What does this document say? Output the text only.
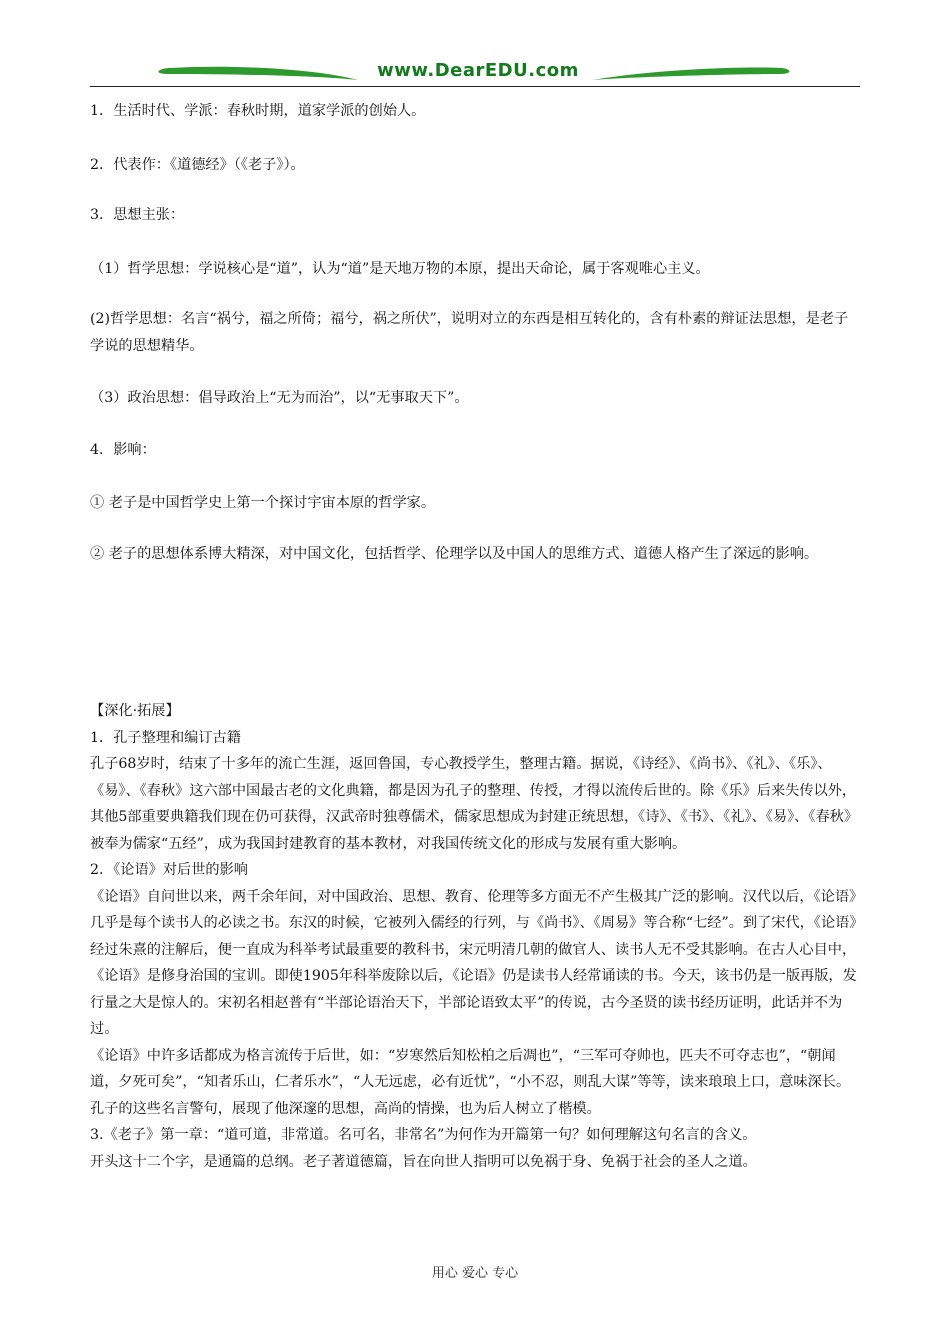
www.DearEDU.com

1．生活时代、学派：春秋时期，道家学派的创始人。

2．代表作：《道德经》（《老子》）。

3．思想主张：

（1）哲学思想：学说核心是“道”，认为“道”是天地万物的本原，提出天命论，属于客观唯心主义。

(2)哲学思想：名言“祸兮，福之所倚；福兮，祸之所伏”，说明对立的东西是相互转化的，含有朴素的辩证法思想，是老子学说的思想精华。

（3）政治思想：倡导政治上“无为而治”，以“无事取天下”。

4．影响：

① 老子是中国哲学史上第一个探讨宇宙本原的哲学家。

② 老子的思想体系博大精深，对中国文化，包括哲学、伦理学以及中国人的思维方式、道德人格产生了深远的影响。

【深化·拓展】

1．孔子整理和编订古籍

孔子68岁时，结束了十多年的流亡生涯，返回鲁国，专心教授学生，整理古籍。据说，《诗经》、《尚书》、《礼》、《乐》、《易》、《春秋》这六部中国最古老的文化典籍，都是因为孔子的整理、传授，才得以流传后世的。除《乐》后来失传以外，其他5部重要典籍我们现在仍可获得，汉武帝时独尊儒术，儒家思想成为封建正统思想，《诗》、《书》、《礼》、《易》、《春秋》被奉为儒家“五经”，成为我国封建教育的基本教材，对我国传统文化的形成与发展有重大影响。

2．《论语》对后世的影响

《论语》自问世以来，两千余年间，对中国政治、思想、教育、伦理等多方面无不产生极其广泛的影响。汉代以后，《论语》几乎是每个读书人的必读之书。东汉的时候，它被列入儒经的行列，与《尚书》、《周易》等合称“七经”。到了宋代，《论语》经过朱熹的注解后，便一直成为科举考试最重要的教科书，宋元明清几朝的做官人、读书人无不受其影响。在古人心目中，《论语》是修身治国的宝训。即使1905年科举废除以后，《论语》仍是读书人经常诵读的书。今天，该书仍是一版再版，发行量之大是惊人的。宋初名相赵普有“半部论语治天下，半部论语致太平”的传说，古今圣贤的读书经历证明，此话并不为过。

《论语》中许多话都成为格言流传于后世，如：“岁寒然后知松柏之后凋也”，“三军可夺帅也，匹夫不可夺志也”，“朝闻道，夕死可矣”，“知者乐山，仁者乐水”，“人无远虑，必有近忧”，“小不忍，则乱大谋”等等，读来琅琅上口，意味深长。孔子的这些名言警句，展现了他深邃的思想，高尚的情操，也为后人树立了楷模。

3.《老子》第一章：“道可道，非常道。名可名，非常名”为何作为开篇第一句？如何理解这句名言的含义。

开头这十二个字，是通篇的总纲。老子著道德篇，旨在向世人指明可以免祸于身、免祸于社会的圣人之道。

用心 爱心 专心
